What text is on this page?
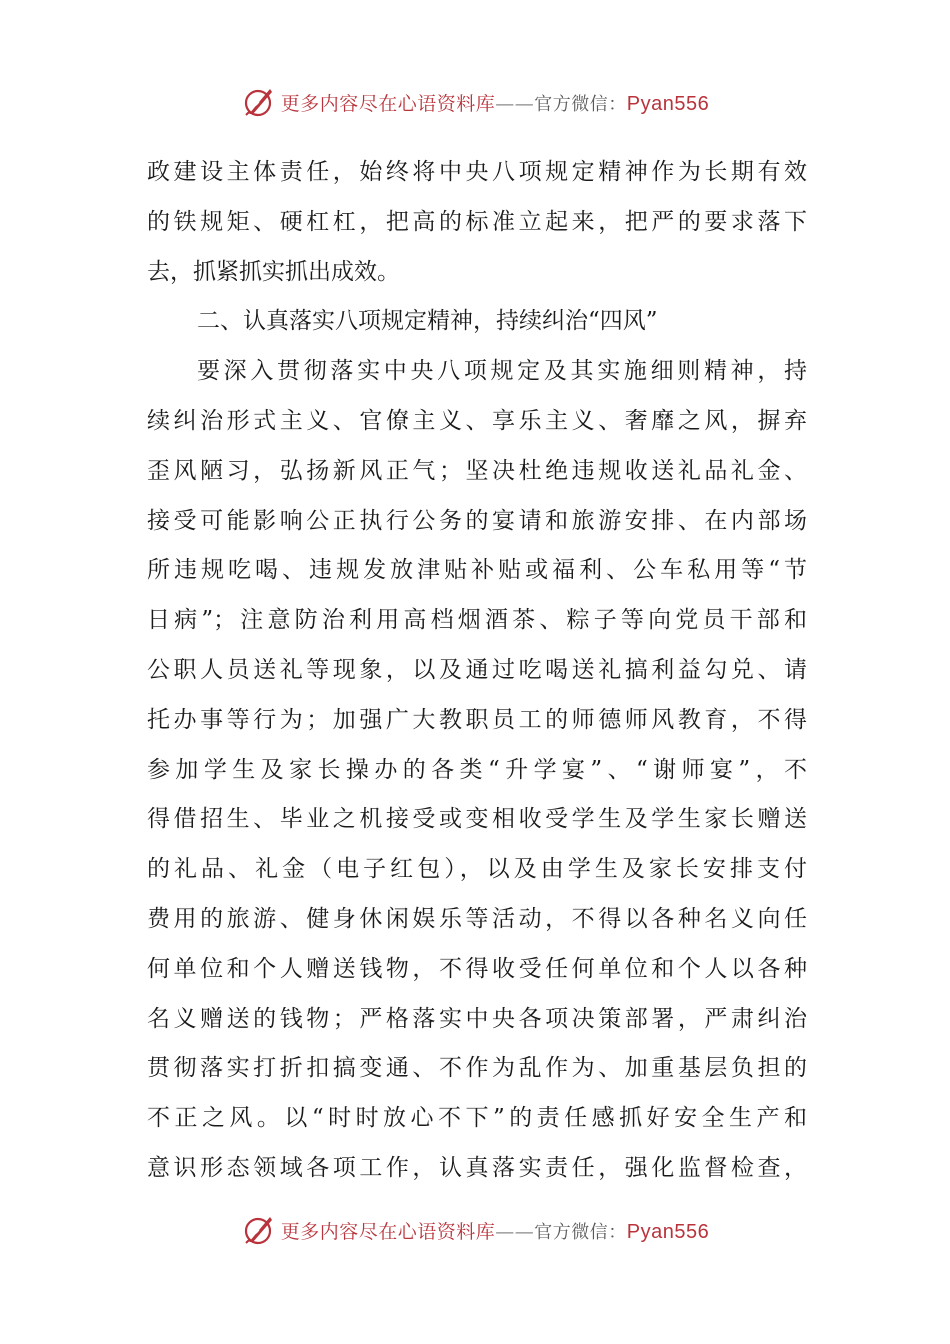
更多内容尽在心语资料库——官方微信：Pyan556
政建设主体责任，始终将中央八项规定精神作为长期有效
的铁规矩、硬杠杠，把高的标准立起来，把严的要求落下
去，抓紧抓实抓出成效。
二、认真落实八项规定精神，持续纠治“四风”
要深入贯彻落实中央八项规定及其实施细则精神，持
续纠治形式主义、官僚主义、享乐主义、奢靡之风，摒弃
歪风陋习，弘扬新风正气；坚决杜绝违规收送礼品礼金、
接受可能影响公正执行公务的宴请和旅游安排、在内部场
所违规吃喝、违规发放津贴补贴或福利、公车私用等“节
日病”；注意防治利用高档烟酒茶、粽子等向党员干部和
公职人员送礼等现象，以及通过吃喝送礼搞利益勾兑、请
托办事等行为；加强广大教职员工的师德师风教育，不得
参加学生及家长操办的各类“升学宴”、“谢师宴”，不
得借招生、毕业之机接受或变相收受学生及学生家长赠送
的礼品、礼金（电子红包），以及由学生及家长安排支付
费用的旅游、健身休闲娱乐等活动，不得以各种名义向任
何单位和个人赠送钱物，不得收受任何单位和个人以各种
名义赠送的钱物；严格落实中央各项决策部署，严肃纠治
贯彻落实打折扣搞变通、不作为乱作为、加重基层负担的
不正之风。以“时时放心不下”的责任感抓好安全生产和
意识形态领域各项工作，认真落实责任，强化监督检查，
更多内容尽在心语资料库——官方微信：Pyan556
